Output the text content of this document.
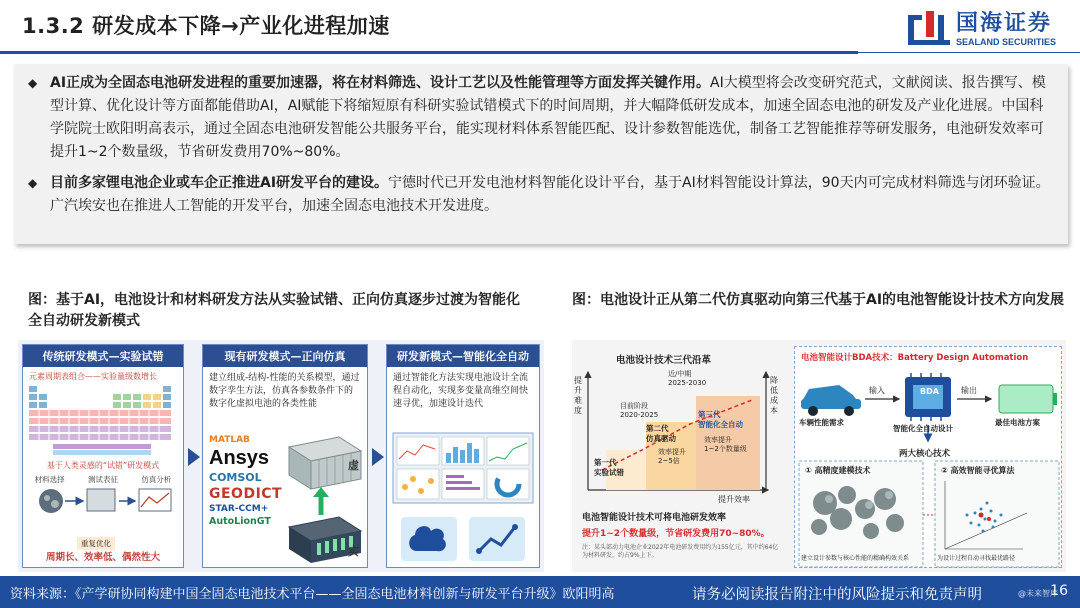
1.3.2 研发成本下降→产业化进程加速	国海证券
SEALAND SECURITIES
◆ AI正成为全固态电池研发进程的重要加速器，将在材料筛选、设计工艺以及性能管理等方面发挥关键作用。AI大模型将会改变研究范式，文献阅读、报告撰写、模型计算、优化设计等方面都能借助AI，AI赋能下将缩短原有科研实验试错模式下的时间周期，并大幅降低研发成本，加速全固态电池的研发及产业化进展。中国科学院院士欧阳明高表示，通过全固态电池研发智能公共服务平台，能实现材料体系智能匹配、设计参数智能选优，制备工艺智能推荐等研发服务，电池研发效率可提升1~2个数量级，节省研发费用70%~80%。
◆ 目前多家锂电池企业或车企正推进AI研发平台的建设。宁德时代已开发电池材料智能化设计平台，基于AI材料智能设计算法，90天内可完成材料筛选与闭环验证。广汽埃安也在推进人工智能的开发平台，加速全固态电池技术开发进度。
图：基于AI，电池设计和材料研发方法从实验试错、正向仿真逐步过渡为智能化全自动研发新模式
图：电池设计正从第二代仿真驱动向第三代基于AI的电池智能设计技术方向发展
传统研发模式—实验试错
元素周期表组合——实验量级数增长
基于人类灵感的“试错”研发模式
材料选择	测试表征	仿真分析
重复优化
周期长、效率低、偶然性大
现有研发模式—正向仿真
建立组成-结构-性能的关系模型，通过数字孪生方法，仿真各参数条件下的数字化虚拟电池的各类性能
MATLAB
Ansys
COMSOL
GEODICT
STAR-CCM+
AutoLionGT
虚
实
研发新模式—智能化全自动
通过智能化方法实现电池设计全流程自动化，实现多变量高维空间快速寻优，加速设计迭代
电池设计技术三代沿革
提升难度
降低成本
提升效率
第一代
实验试错
第二代
仿真驱动
目前阶段
2020-2025
效率提升
2~5倍
第三代
智能化全自动
近/中期
2025-2030
效率提升
1~2个数量级
电池智能设计技术可将电池研发效率
提升1~2个数量级，节省研发费用70~80%。
注：某头部动力电池企业2022年电池研发费用约为155亿元，其中约64亿为材料研发，约占9%上下。
电池智能设计BDA技术：Battery Design Automation
输入	输出
BDA
车辆性能需求
智能化全自动设计
最佳电池方案
两大核心技术
① 高精度建模技术	② 高效智能寻优算法
建立设计参数与核心性能的精确构效关系	为设计过程自动寻找最优路径
资料来源：《产学研协同构建中国全固态电池技术平台——全固态电池材料创新与研发平台升级》欧阳明高	请务必阅读报告附注中的风险提示和免责声明	@未来智库
16
